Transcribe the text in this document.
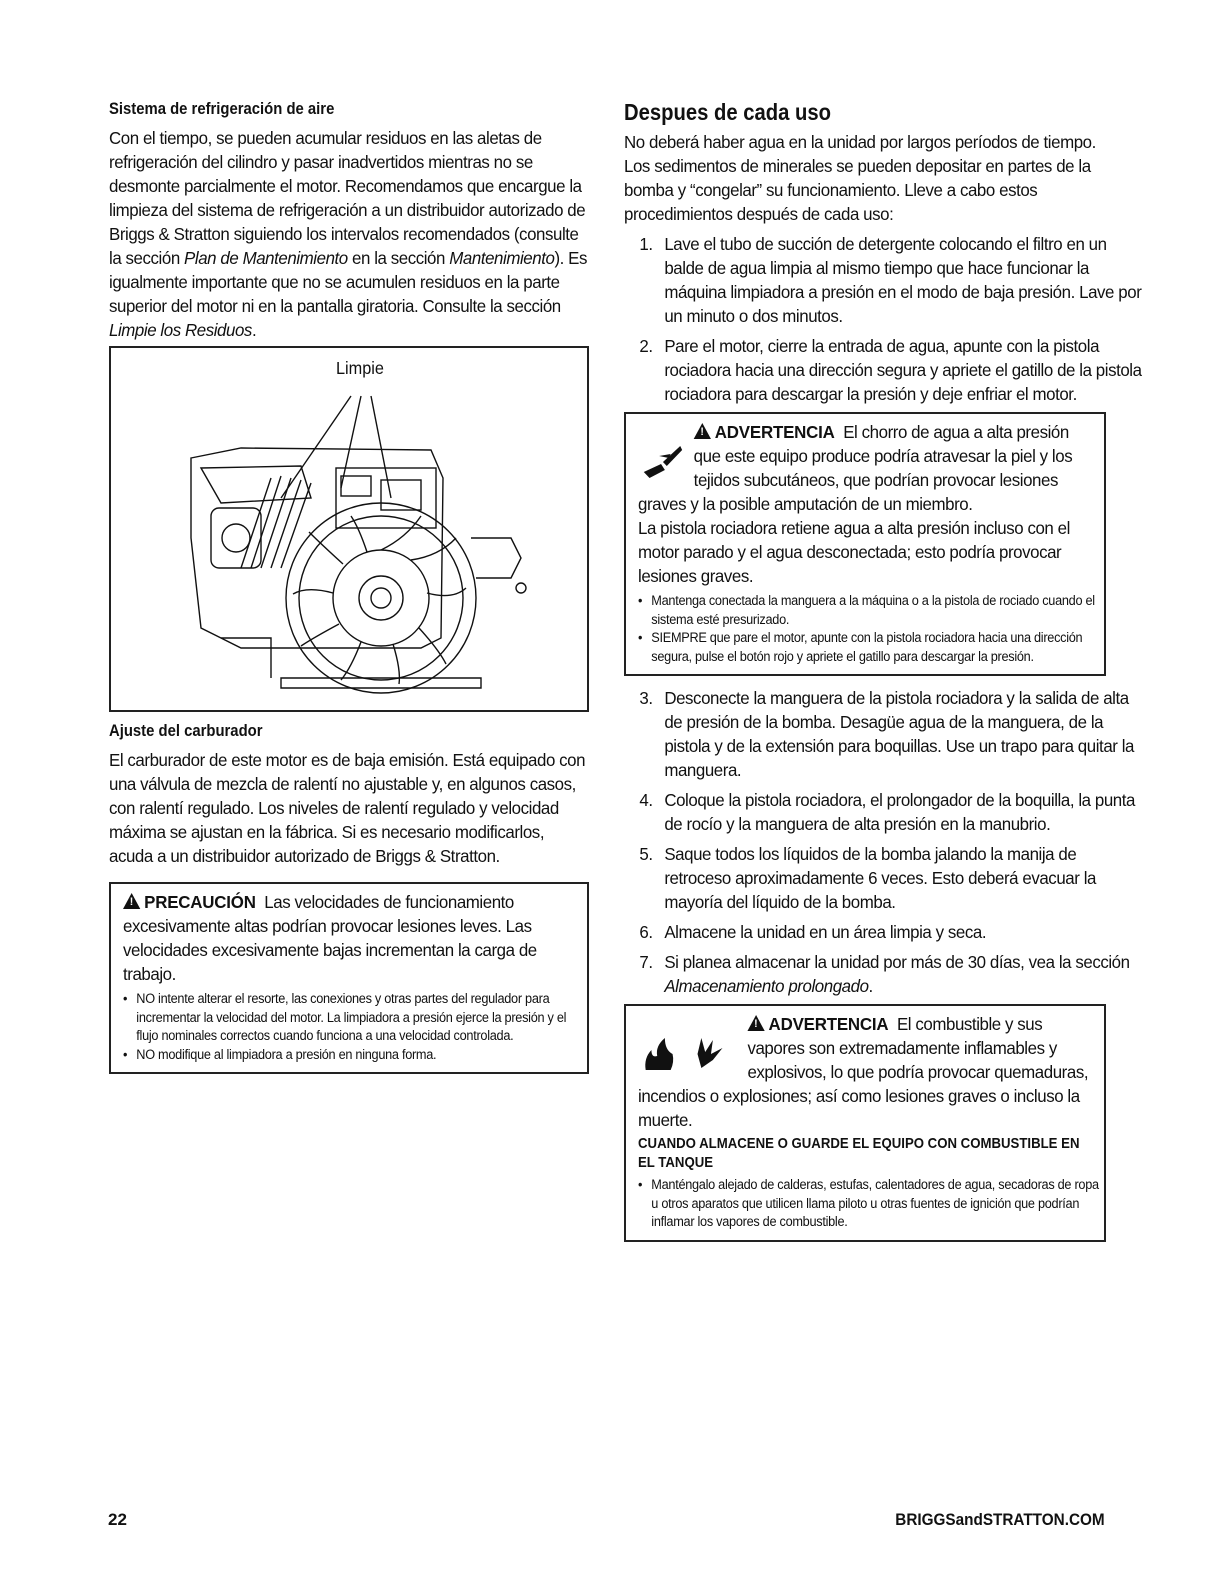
Sistema de refrigeración de aire

Con el tiempo, se pueden acumular residuos en las aletas de refrigeración del cilindro y pasar inadvertidos mientras no se desmonte parcialmente el motor. Recomendamos que encargue la limpieza del sistema de refrigeración a un distribuidor autorizado de Briggs & Stratton siguiendo los intervalos recomendados (consulte la sección Plan de Mantenimiento en la sección Mantenimiento). Es igualmente importante que no se acumulen residuos en la parte superior del motor ni en la pantalla giratoria. Consulte la sección Limpie los Residuos.

Limpie
Ajuste del carburador

El carburador de este motor es de baja emisión. Está equipado con una válvula de mezcla de ralentí no ajustable y, en algunos casos, con ralentí regulado. Los niveles de ralentí regulado y velocidad máxima se ajustan en la fábrica. Si es necesario modificarlos, acuda a un distribuidor autorizado de Briggs & Stratton.

!PRECAUCIÓN Las velocidades de funcionamiento excesivamente altas podrían provocar lesiones leves. Las velocidades excesivamente bajas incrementan la carga de trabajo.

• NO intente alterar el resorte, las conexiones y otras partes del regulador para incrementar la velocidad del motor. La limpiadora a presión ejerce la presión y el flujo nominales correctos cuando funciona a una velocidad controlada.
• NO modifique al limpiadora a presión en ninguna forma.
Despues de cada uso

No deberá haber agua en la unidad por largos períodos de tiempo. Los sedimentos de minerales se pueden depositar en partes de la bomba y “congelar” su funcionamiento. Lleve a cabo estos procedimientos después de cada uso:

1. Lave el tubo de succión de detergente colocando el filtro en un balde de agua limpia al mismo tiempo que hace funcionar la máquina limpiadora a presión en el modo de baja presión. Lave por un minuto o dos minutos.
2. Pare el motor, cierre la entrada de agua, apunte con la pistola rociadora hacia una dirección segura y apriete el gatillo de la pistola rociadora para descargar la presión y deje enfriar el motor.

!ADVERTENCIA El chorro de agua a alta presión que este equipo produce podría atravesar la piel y los tejidos subcutáneos, que podrían provocar lesiones graves y la posible amputación de un miembro.

La pistola rociadora retiene agua a alta presión incluso con el motor parado y el agua desconectada; esto podría provocar lesiones graves.

• Mantenga conectada la manguera a la máquina o a la pistola de rociado cuando el sistema esté presurizado.
• SIEMPRE que pare el motor, apunte con la pistola rociadora hacia una dirección segura, pulse el botón rojo y apriete el gatillo para descargar la presión.
3. Desconecte la manguera de la pistola rociadora y la salida de alta de presión de la bomba. Desagüe agua de la manguera, de la pistola y de la extensión para boquillas. Use un trapo para quitar la manguera.
4. Coloque la pistola rociadora, el prolongador de la boquilla, la punta de rocío y la manguera de alta presión en la manubrio.
5. Saque todos los líquidos de la bomba jalando la manija de retroceso aproximadamente 6 veces. Esto deberá evacuar la mayoría del líquido de la bomba.
6. Almacene la unidad en un área limpia y seca.
7. Si planea almacenar la unidad por más de 30 días, vea la sección Almacenamiento prolongado.

!ADVERTENCIA El combustible y sus vapores son extremadamente inflamables y explosivos, lo que podría provocar quemaduras, incendios o explosiones; así como lesiones graves o incluso la muerte.

CUANDO ALMACENE O GUARDE EL EQUIPO CON COMBUSTIBLE EN EL TANQUE
• Manténgalo alejado de calderas, estufas, calentadores de agua, secadoras de ropa u otros aparatos que utilicen llama piloto u otras fuentes de ignición que podrían inflamar los vapores de combustible.
22	BRIGGSandSTRATTON.COM
